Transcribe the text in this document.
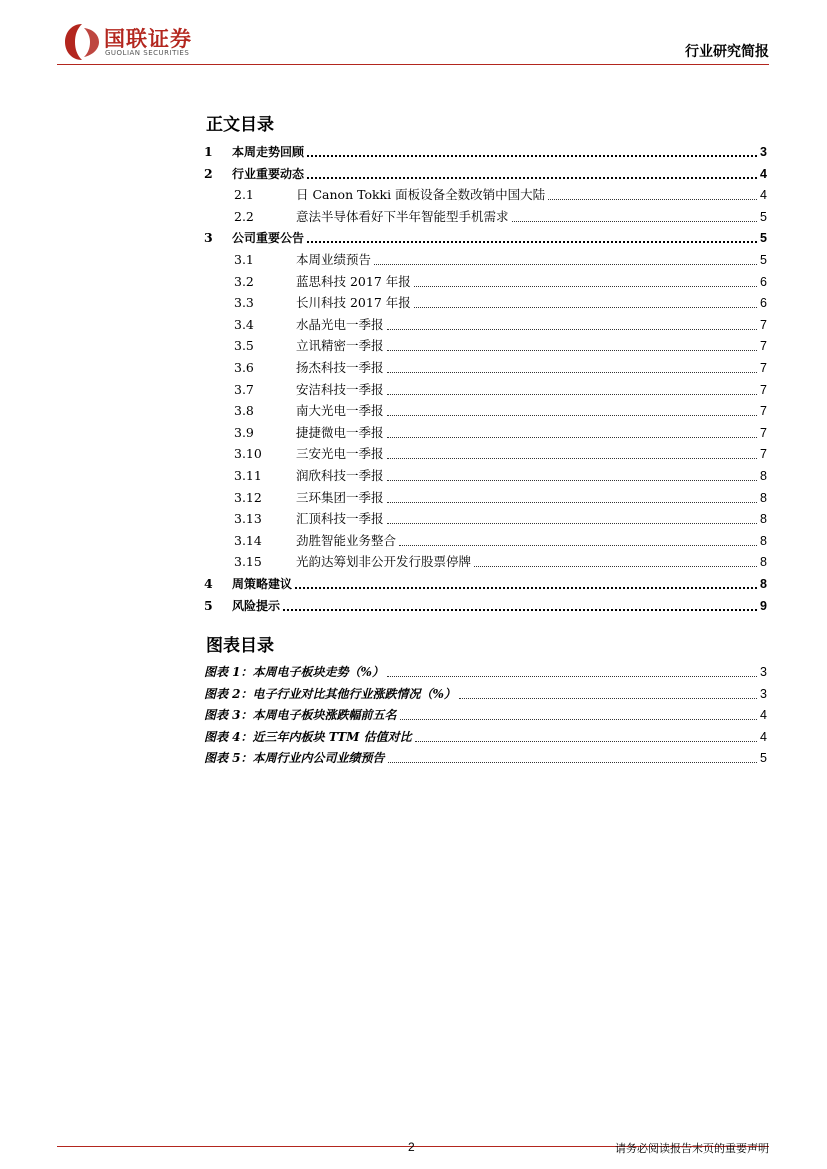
国联证券
GUOLIAN SECURITIES	行业研究简报
正文目录
1	本周走势回顾	3
2	行业重要动态	4
2.1	日 Canon Tokki 面板设备全数改销中国大陆	4
2.2	意法半导体看好下半年智能型手机需求	5
3	公司重要公告	5
3.1	本周业绩预告	5
3.2	蓝思科技 2017 年报	6
3.3	长川科技 2017 年报	6
3.4	水晶光电一季报	7
3.5	立讯精密一季报	7
3.6	扬杰科技一季报	7
3.7	安洁科技一季报	7
3.8	南大光电一季报	7
3.9	捷捷微电一季报	7
3.10	三安光电一季报	7
3.11	润欣科技一季报	8
3.12	三环集团一季报	8
3.13	汇顶科技一季报	8
3.14	劲胜智能业务整合	8
3.15	光韵达筹划非公开发行股票停牌	8
4	周策略建议	8
5	风险提示	9
图表目录
图表 1：本周电子板块走势（%）	3
图表 2：电子行业对比其他行业涨跌情况（%）	3
图表 3：本周电子板块涨跌幅前五名	4
图表 4：近三年内板块 TTM 估值对比	4
图表 5：本周行业内公司业绩预告	5
2	请务必阅读报告末页的重要声明
